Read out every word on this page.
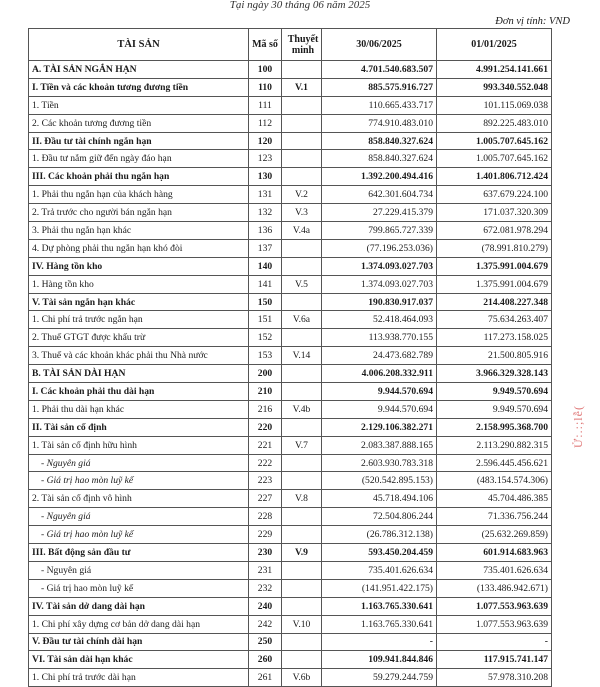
Tại ngày 30 tháng 06 năm 2025
Đơn vị tính: VND
TÀI SẢN	Mã số	Thuyết minh	30/06/2025	01/01/2025
A. TÀI SẢN NGẮN HẠN	100		4.701.540.683.507	4.991.254.141.661
I. Tiền và các khoản tương đương tiền	110	V.1	885.575.916.727	993.340.552.048
1. Tiền	111		110.665.433.717	101.115.069.038
2. Các khoản tương đương tiền	112		774.910.483.010	892.225.483.010
II. Đầu tư tài chính ngắn hạn	120		858.840.327.624	1.005.707.645.162
1. Đầu tư nắm giữ đến ngày đáo hạn	123		858.840.327.624	1.005.707.645.162
III. Các khoản phải thu ngắn hạn	130		1.392.200.494.416	1.401.806.712.424
1. Phải thu ngắn hạn của khách hàng	131	V.2	642.301.604.734	637.679.224.100
2. Trả trước cho người bán ngắn hạn	132	V.3	27.229.415.379	171.037.320.309
3. Phải thu ngắn hạn khác	136	V.4a	799.865.727.339	672.081.978.294
4. Dự phòng phải thu ngắn hạn khó đòi	137		(77.196.253.036)	(78.991.810.279)
IV. Hàng tồn kho	140		1.374.093.027.703	1.375.991.004.679
1. Hàng tồn kho	141	V.5	1.374.093.027.703	1.375.991.004.679
V. Tài sản ngắn hạn khác	150		190.830.917.037	214.408.227.348
1. Chi phí trả trước ngắn hạn	151	V.6a	52.418.464.093	75.634.263.407
2. Thuế GTGT được khấu trừ	152		113.938.770.155	117.273.158.025
3. Thuế và các khoản khác phải thu Nhà nước	153	V.14	24.473.682.789	21.500.805.916
B. TÀI SẢN DÀI HẠN	200		4.006.208.332.911	3.966.329.328.143
I. Các khoản phải thu dài hạn	210		9.944.570.694	9.949.570.694
1. Phải thu dài hạn khác	216	V.4b	9.944.570.694	9.949.570.694
II. Tài sản cố định	220		2.129.106.382.271	2.158.995.368.700
1. Tài sản cố định hữu hình	221	V.7	2.083.387.888.165	2.113.290.882.315
- Nguyên giá	222		2.603.930.783.318	2.596.445.456.621
- Giá trị hao mòn luỹ kế	223		(520.542.895.153)	(483.154.574.306)
2. Tài sản cố định vô hình	227	V.8	45.718.494.106	45.704.486.385
- Nguyên giá	228		72.504.806.244	71.336.756.244
- Giá trị hao mòn luỹ kế	229		(26.786.312.138)	(25.632.269.859)
III. Bất động sản đầu tư	230	V.9	593.450.204.459	601.914.683.963
- Nguyên giá	231		735.401.626.634	735.401.626.634
- Giá trị hao mòn luỹ kế	232		(141.951.422.175)	(133.486.942.671)
IV. Tài sản dở dang dài hạn	240		1.163.765.330.641	1.077.553.963.639
1. Chi phí xây dựng cơ bản dở dang dài hạn	242	V.10	1.163.765.330.641	1.077.553.963.639
V. Đầu tư tài chính dài hạn	250		-	-
VI. Tài sản dài hạn khác	260		109.941.844.846	117.915.741.147
1. Chi phí trả trước dài hạn	261	V.6b	59.279.244.759	57.978.310.208
Ử:.:;lễ(
